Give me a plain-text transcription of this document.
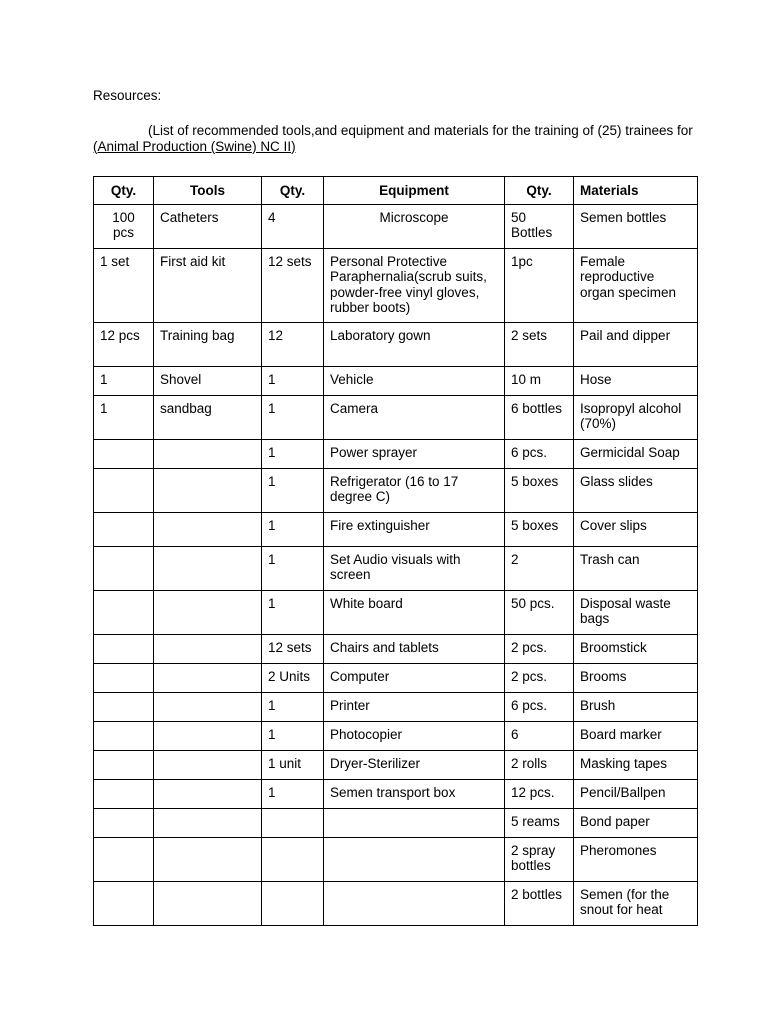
Resources:
(List of recommended tools,and equipment and materials for the training of (25) trainees for (Animal Production (Swine) NC II)
Qty.	Tools	Qty.	Equipment	Qty.	Materials
100 pcs	Catheters	4	Microscope	50 Bottles	Semen bottles
1 set	First aid kit	12 sets	Personal Protective Paraphernalia(scrub suits, powder-free vinyl gloves, rubber boots)	1pc	Female reproductive organ specimen
12 pcs	Training bag	12	Laboratory gown	2 sets	Pail and dipper
1	Shovel	1	Vehicle	10 m	Hose
1	sandbag	1	Camera	6 bottles	Isopropyl alcohol (70%)
		1	Power sprayer	6 pcs.	Germicidal Soap
		1	Refrigerator (16 to 17 degree C)	5 boxes	Glass slides
		1	Fire extinguisher	5 boxes	Cover slips
		1	Set Audio visuals with screen	2	Trash can
		1	White board	50 pcs.	Disposal waste bags
		12 sets	Chairs and tablets	2 pcs.	Broomstick
		2 Units	Computer	2 pcs.	Brooms
		1	Printer	6 pcs.	Brush
		1	Photocopier	6	Board marker
		1 unit	Dryer-Sterilizer	2 rolls	Masking tapes
		1	Semen transport box	12 pcs.	Pencil/Ballpen
				5 reams	Bond paper
				2 spray bottles	Pheromones
				2 bottles	Semen (for the snout for heat
